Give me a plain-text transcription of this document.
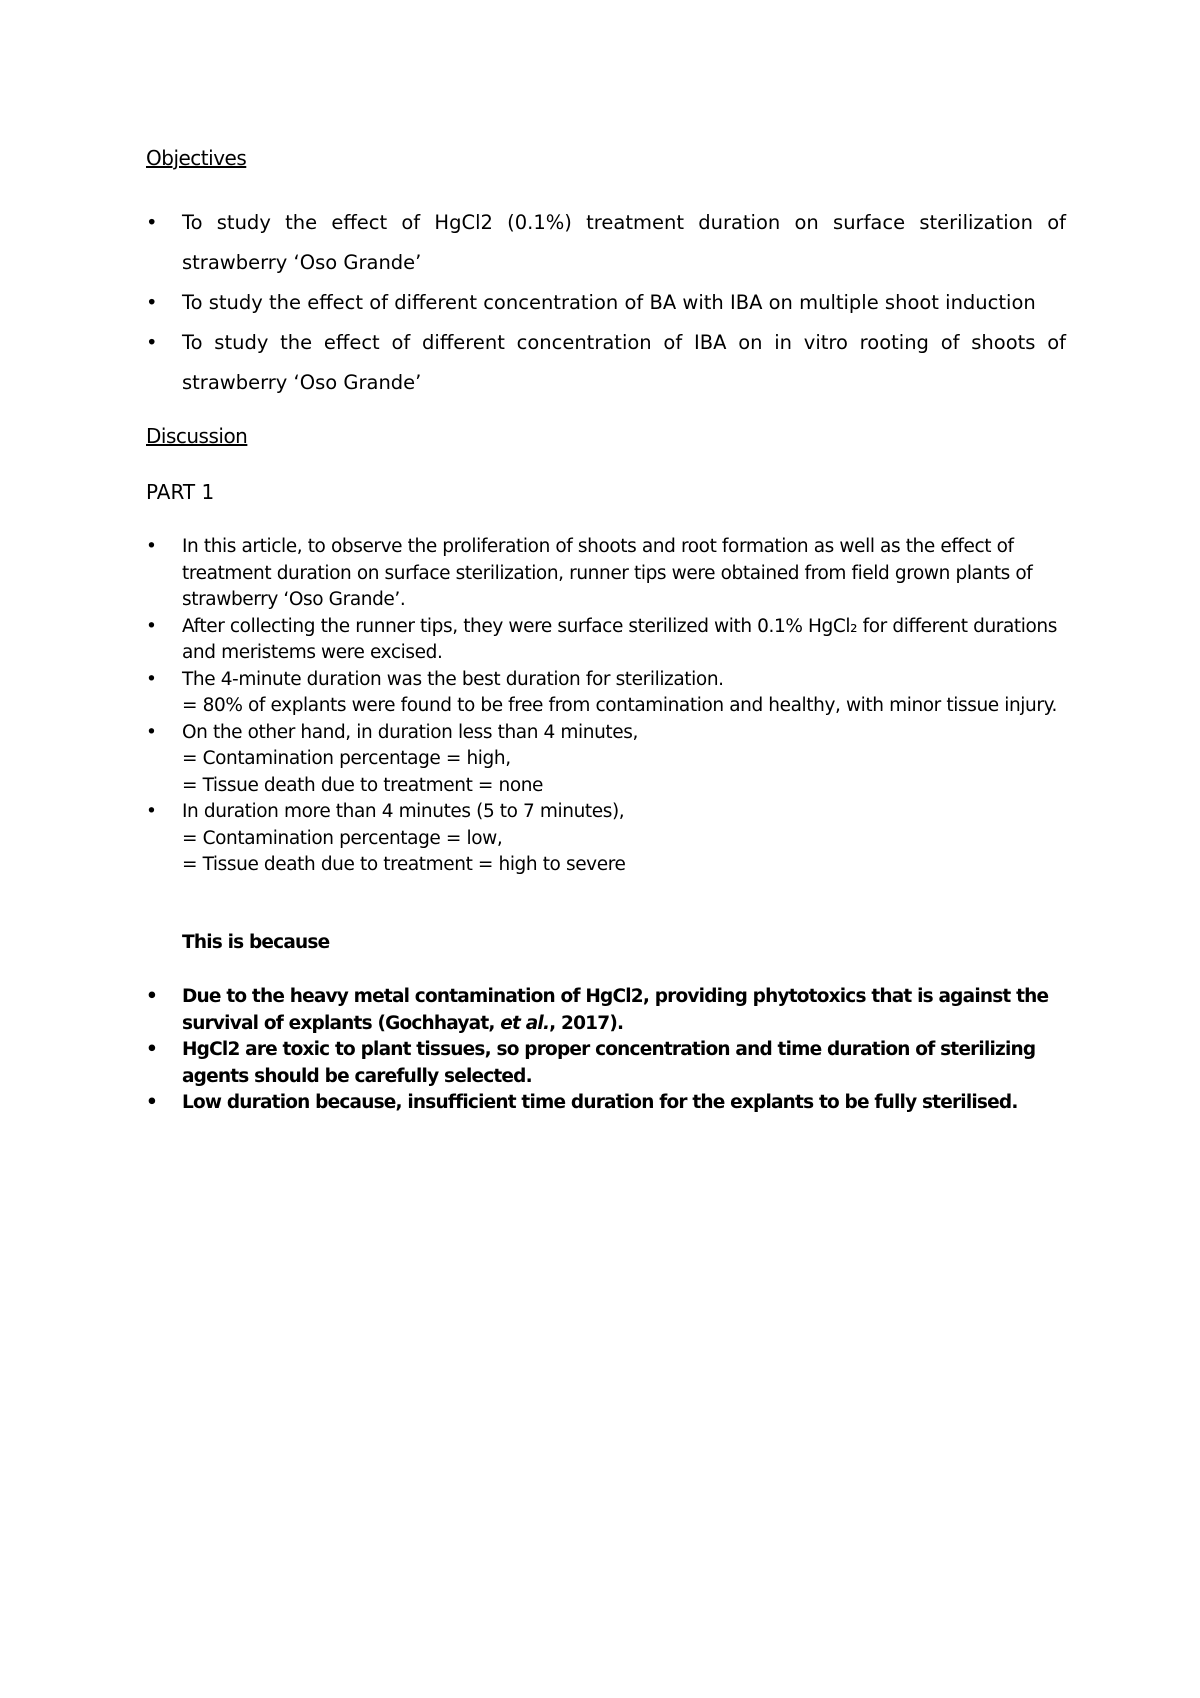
Objectives
•	To study the effect of HgCl2 (0.1%) treatment duration on surface sterilization of strawberry ‘Oso Grande’
•	To study the effect of different concentration of BA with IBA on multiple shoot induction
•	To study the effect of different concentration of IBA on in vitro rooting of shoots of strawberry ‘Oso Grande’
Discussion

PART 1

•	In this article, to observe the proliferation of shoots and root formation as well as the effect of treatment duration on surface sterilization, runner tips were obtained from field grown plants of strawberry ‘Oso Grande’.
•	After collecting the runner tips, they were surface sterilized with 0.1% HgCl₂ for different durations and meristems were excised.
•	The 4-minute duration was the best duration for sterilization.
= 80% of explants were found to be free from contamination and healthy, with minor tissue injury.
•	On the other hand, in duration less than 4 minutes,
= Contamination percentage = high,
= Tissue death due to treatment = none
•	In duration more than 4 minutes (5 to 7 minutes),
= Contamination percentage = low,
= Tissue death due to treatment = high to severe

This is because

•	Due to the heavy metal contamination of HgCl2, providing phytotoxics that is against the survival of explants (Gochhayat, et al., 2017).
•	HgCl2 are toxic to plant tissues, so proper concentration and time duration of sterilizing agents should be carefully selected.
•	Low duration because, insufficient time duration for the explants to be fully sterilised.
